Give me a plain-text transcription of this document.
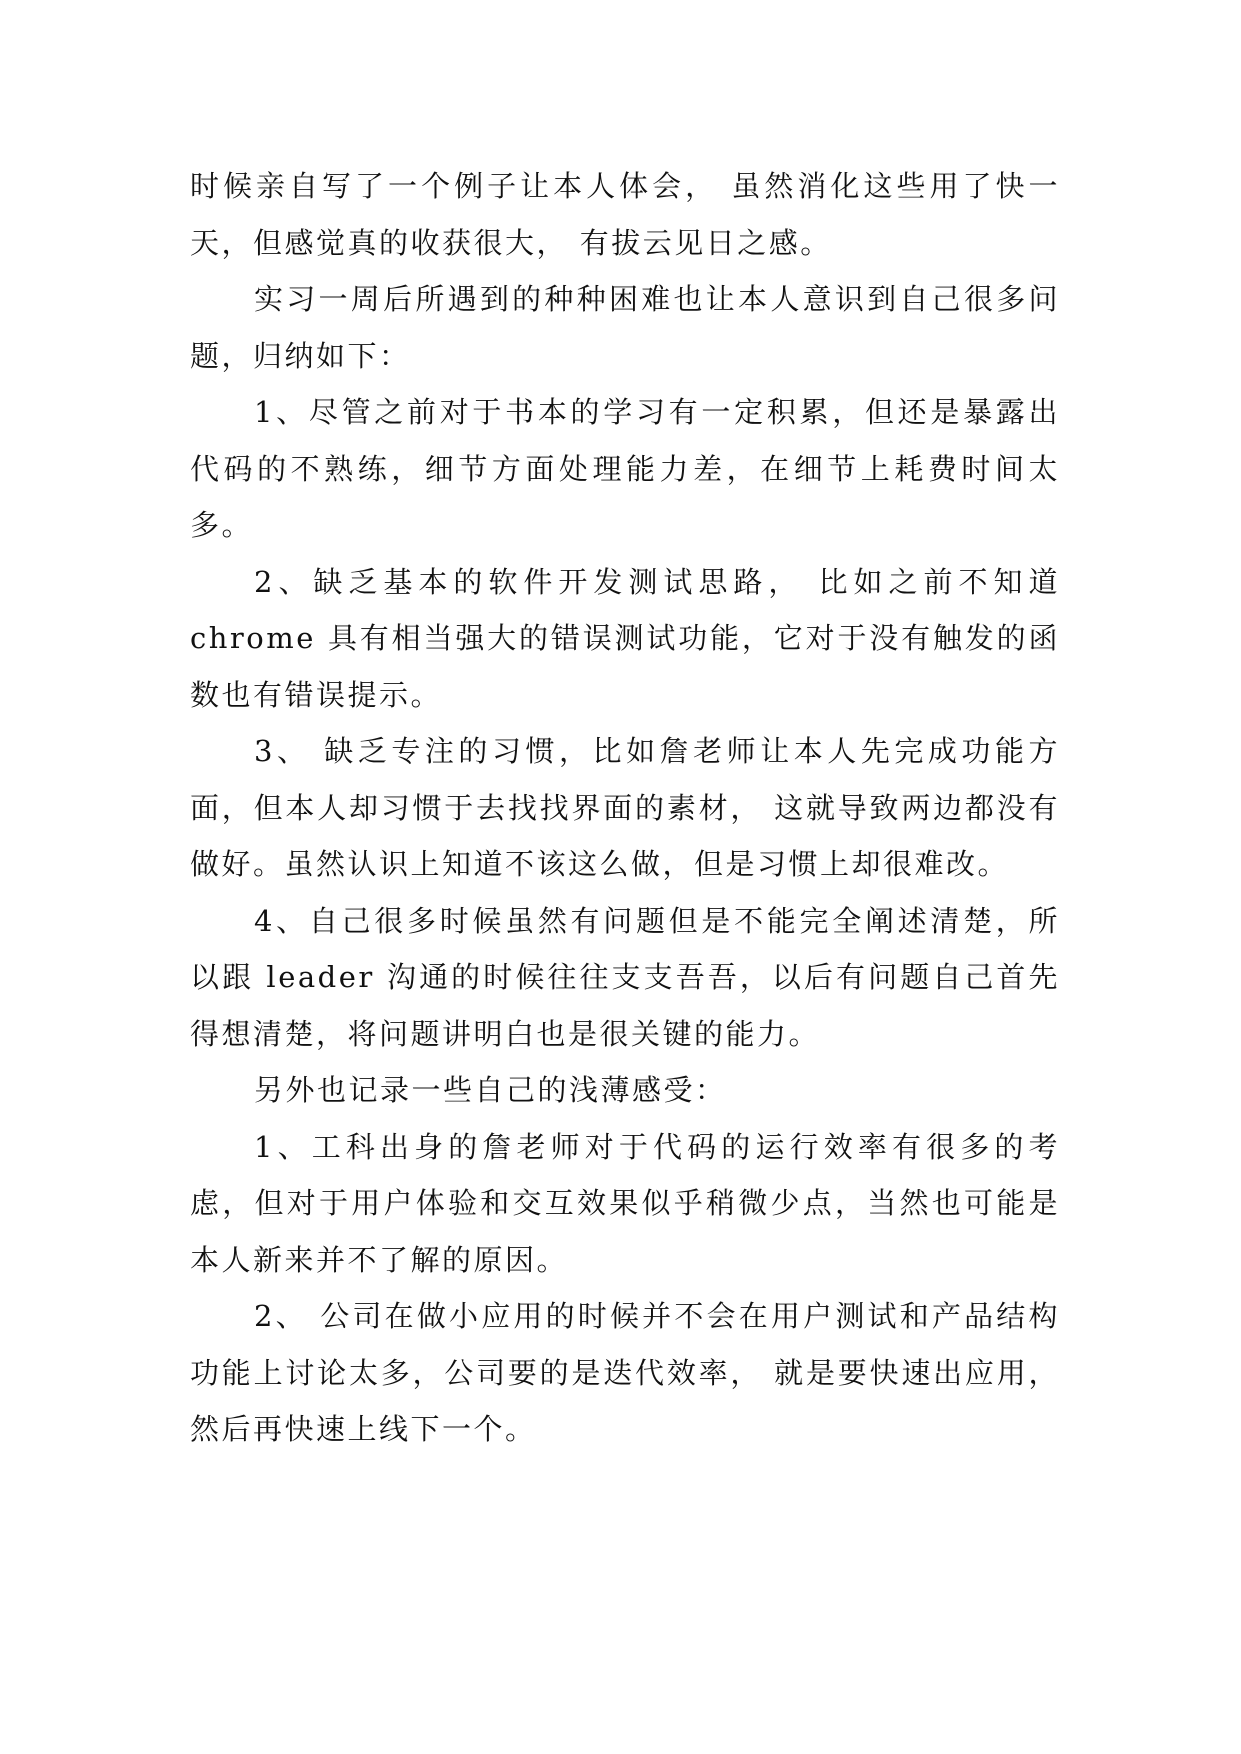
时候亲自写了一个例子让本人体会， 虽然消化这些用了快一天，但感觉真的收获很大， 有拔云见日之感。

实习一周后所遇到的种种困难也让本人意识到自己很多问题，归纳如下：

1、尽管之前对于书本的学习有一定积累，但还是暴露出代码的不熟练，细节方面处理能力差，在细节上耗费时间太多。

2、缺乏基本的软件开发测试思路， 比如之前不知道 chrome 具有相当强大的错误测试功能，它对于没有触发的函数也有错误提示。

3、 缺乏专注的习惯，比如詹老师让本人先完成功能方面，但本人却习惯于去找找界面的素材， 这就导致两边都没有做好。虽然认识上知道不该这么做，但是习惯上却很难改。

4、自己很多时候虽然有问题但是不能完全阐述清楚，所以跟 leader 沟通的时候往往支支吾吾，以后有问题自己首先得想清楚，将问题讲明白也是很关键的能力。

另外也记录一些自己的浅薄感受：

1、工科出身的詹老师对于代码的运行效率有很多的考虑，但对于用户体验和交互效果似乎稍微少点，当然也可能是本人新来并不了解的原因。

2、 公司在做小应用的时候并不会在用户测试和产品结构功能上讨论太多，公司要的是迭代效率， 就是要快速出应用，然后再快速上线下一个。
